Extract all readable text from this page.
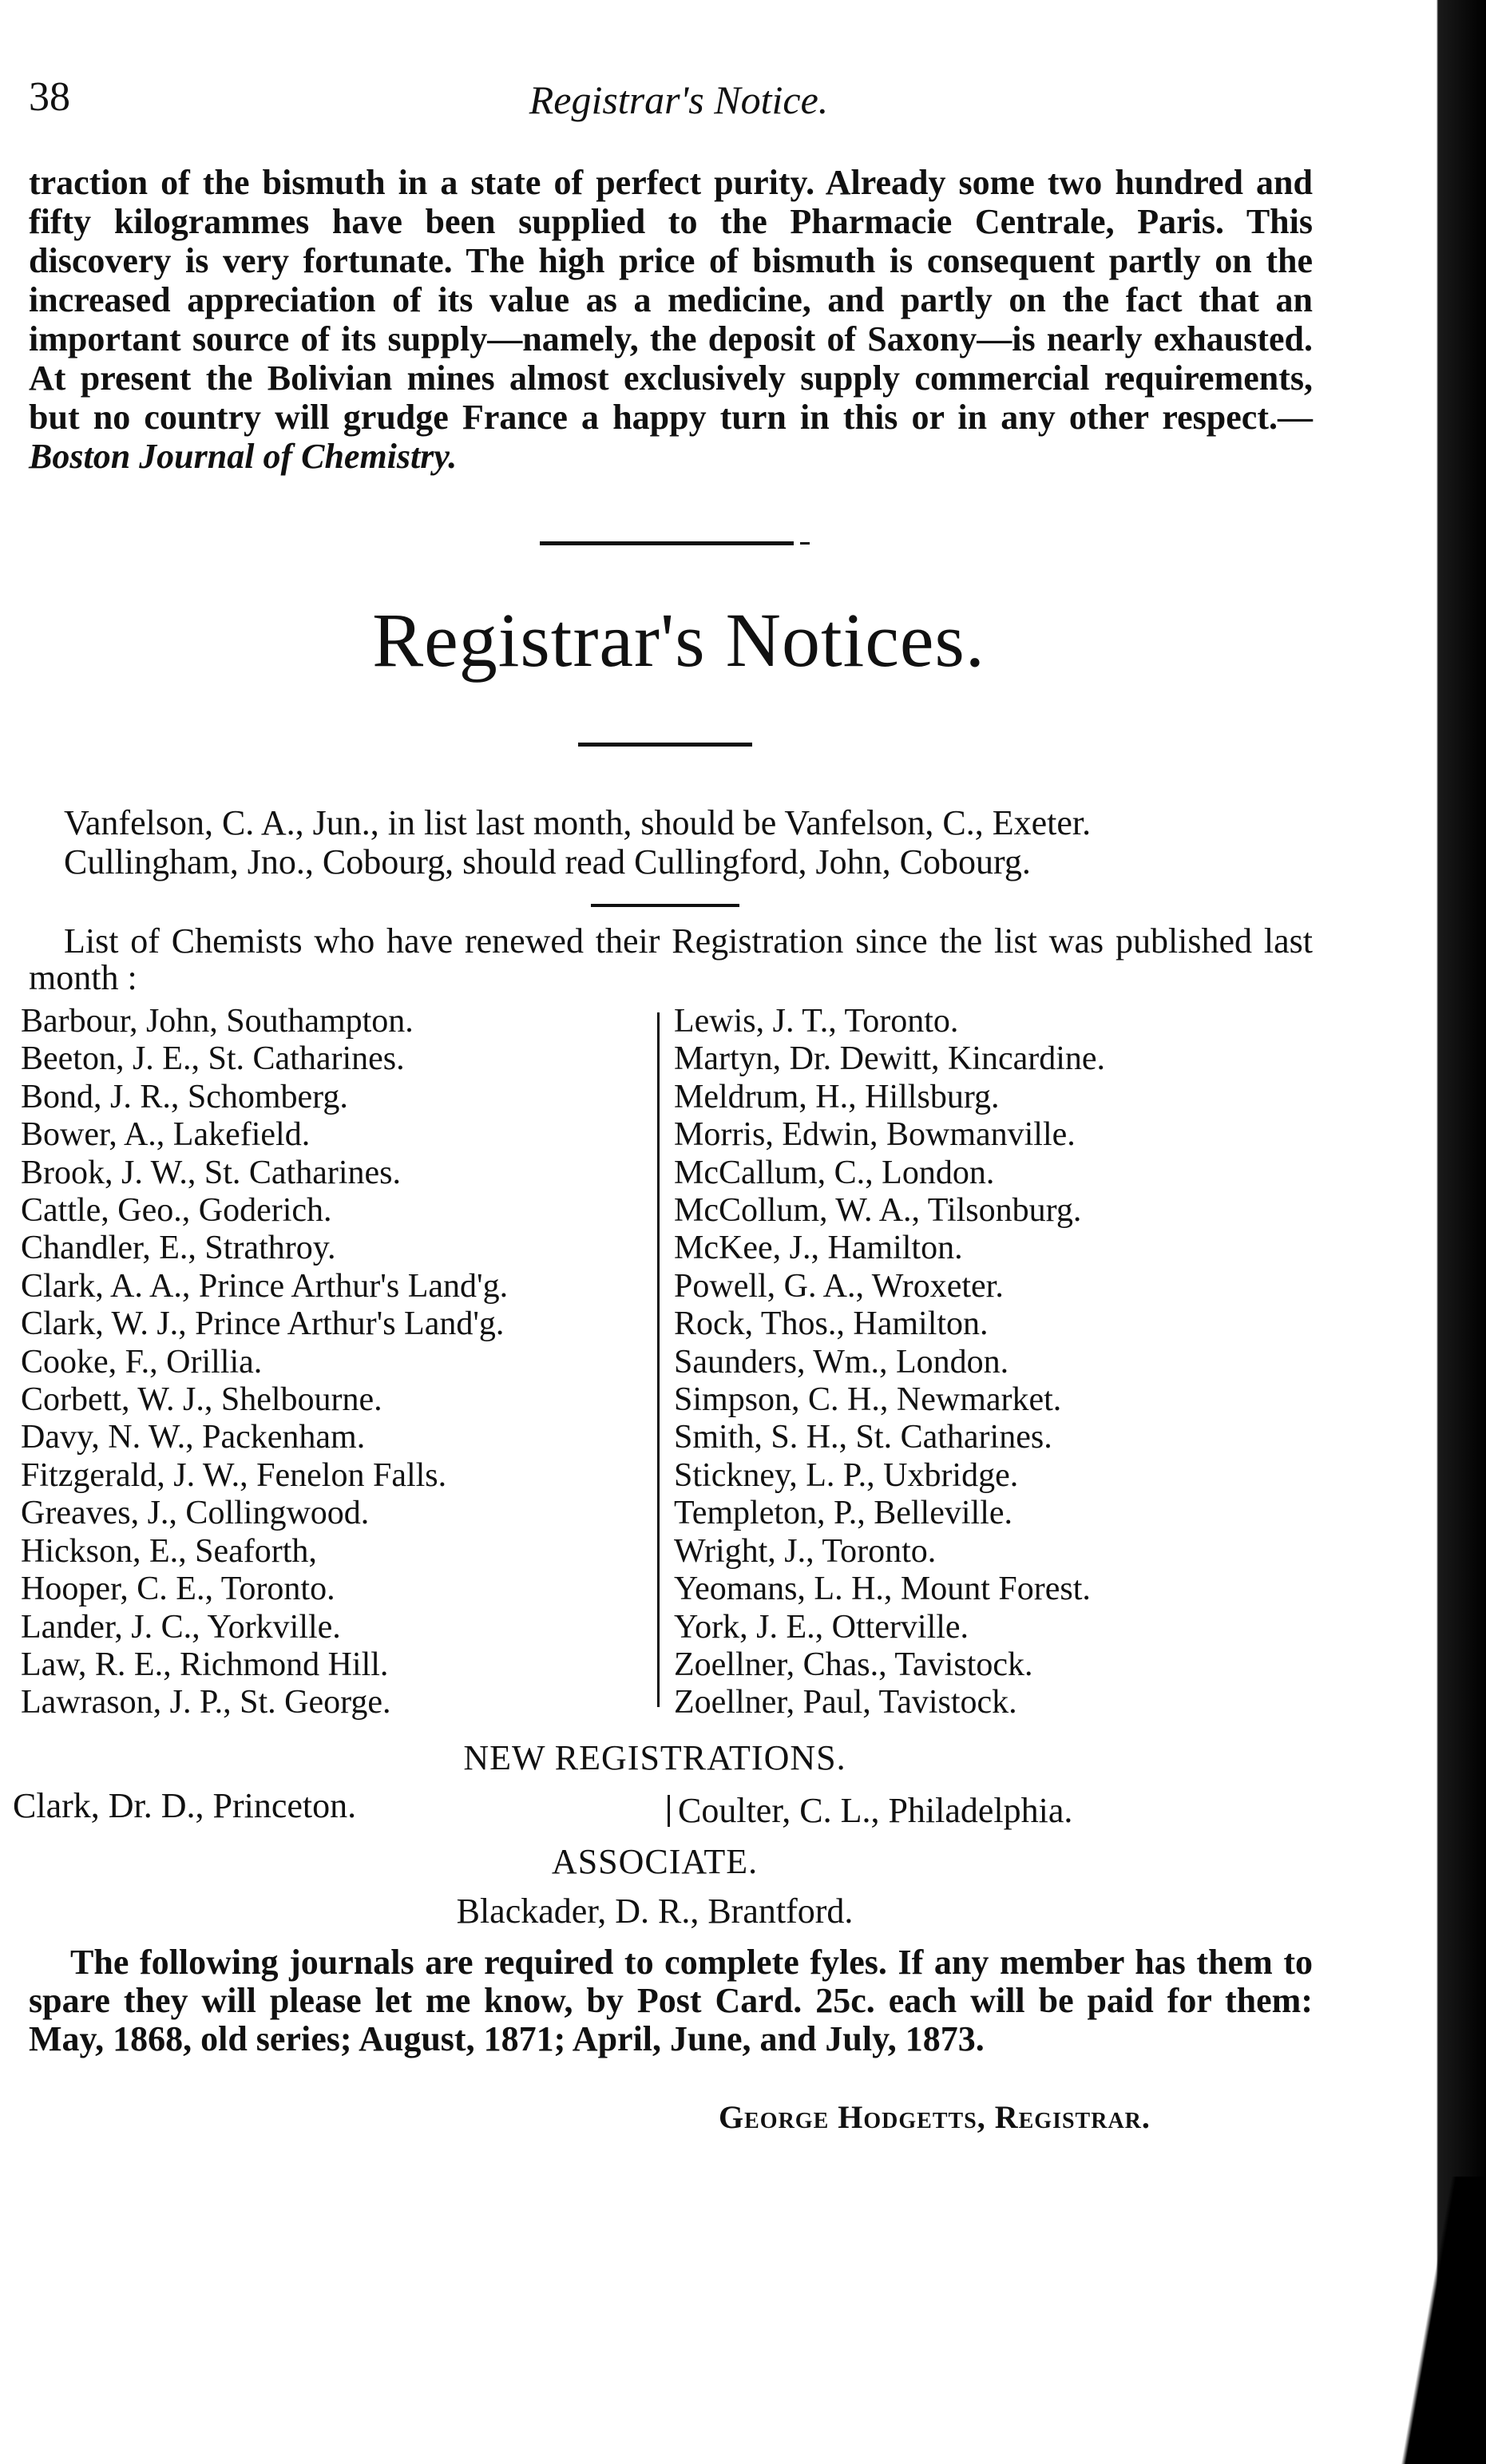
38	Registrar's Notice.
traction of the bismuth in a state of perfect purity. Already some two hundred and fifty kilogrammes have been supplied to the Pharmacie Centrale, Paris. This discovery is very fortunate. The high price of bismuth is consequent partly on the increased appreciation of its value as a medicine, and partly on the fact that an important source of its supply—namely, the deposit of Saxony—is nearly exhausted. At present the Bolivian mines almost exclusively supply commercial requirements, but no country will grudge France a happy turn in this or in any other respect.—Boston Journal of Chemistry.
Registrar's Notices.
Vanfelson, C. A., Jun., in list last month, should be Vanfelson, C., Exeter.
Cullingham, Jno., Cobourg, should read Cullingford, John, Cobourg.
List of Chemists who have renewed their Registration since the list was published last month :
Barbour, John, Southampton.
Beeton, J. E., St. Catharines.
Bond, J. R., Schomberg.
Bower, A., Lakefield.
Brook, J. W., St. Catharines.
Cattle, Geo., Goderich.
Chandler, E., Strathroy.
Clark, A. A., Prince Arthur's Land'g.
Clark, W. J., Prince Arthur's Land'g.
Cooke, F., Orillia.
Corbett, W. J., Shelbourne.
Davy, N. W., Packenham.
Fitzgerald, J. W., Fenelon Falls.
Greaves, J., Collingwood.
Hickson, E., Seaforth,
Hooper, C. E., Toronto.
Lander, J. C., Yorkville.
Law, R. E., Richmond Hill.
Lawrason, J. P., St. George.
Lewis, J. T., Toronto.
Martyn, Dr. Dewitt, Kincardine.
Meldrum, H., Hillsburg.
Morris, Edwin, Bowmanville.
McCallum, C., London.
McCollum, W. A., Tilsonburg.
McKee, J., Hamilton.
Powell, G. A., Wroxeter.
Rock, Thos., Hamilton.
Saunders, Wm., London.
Simpson, C. H., Newmarket.
Smith, S. H., St. Catharines.
Stickney, L. P., Uxbridge.
Templeton, P., Belleville.
Wright, J., Toronto.
Yeomans, L. H., Mount Forest.
York, J. E., Otterville.
Zoellner, Chas., Tavistock.
Zoellner, Paul, Tavistock.
NEW REGISTRATIONS.
Clark, Dr. D., Princeton.	Coulter, C. L., Philadelphia.
ASSOCIATE.
Blackader, D. R., Brantford.
The following journals are required to complete fyles. If any member has them to spare they will please let me know, by Post Card. 25c. each will be paid for them: May, 1868, old series; August, 1871; April, June, and July, 1873.
George Hodgetts, Registrar.
